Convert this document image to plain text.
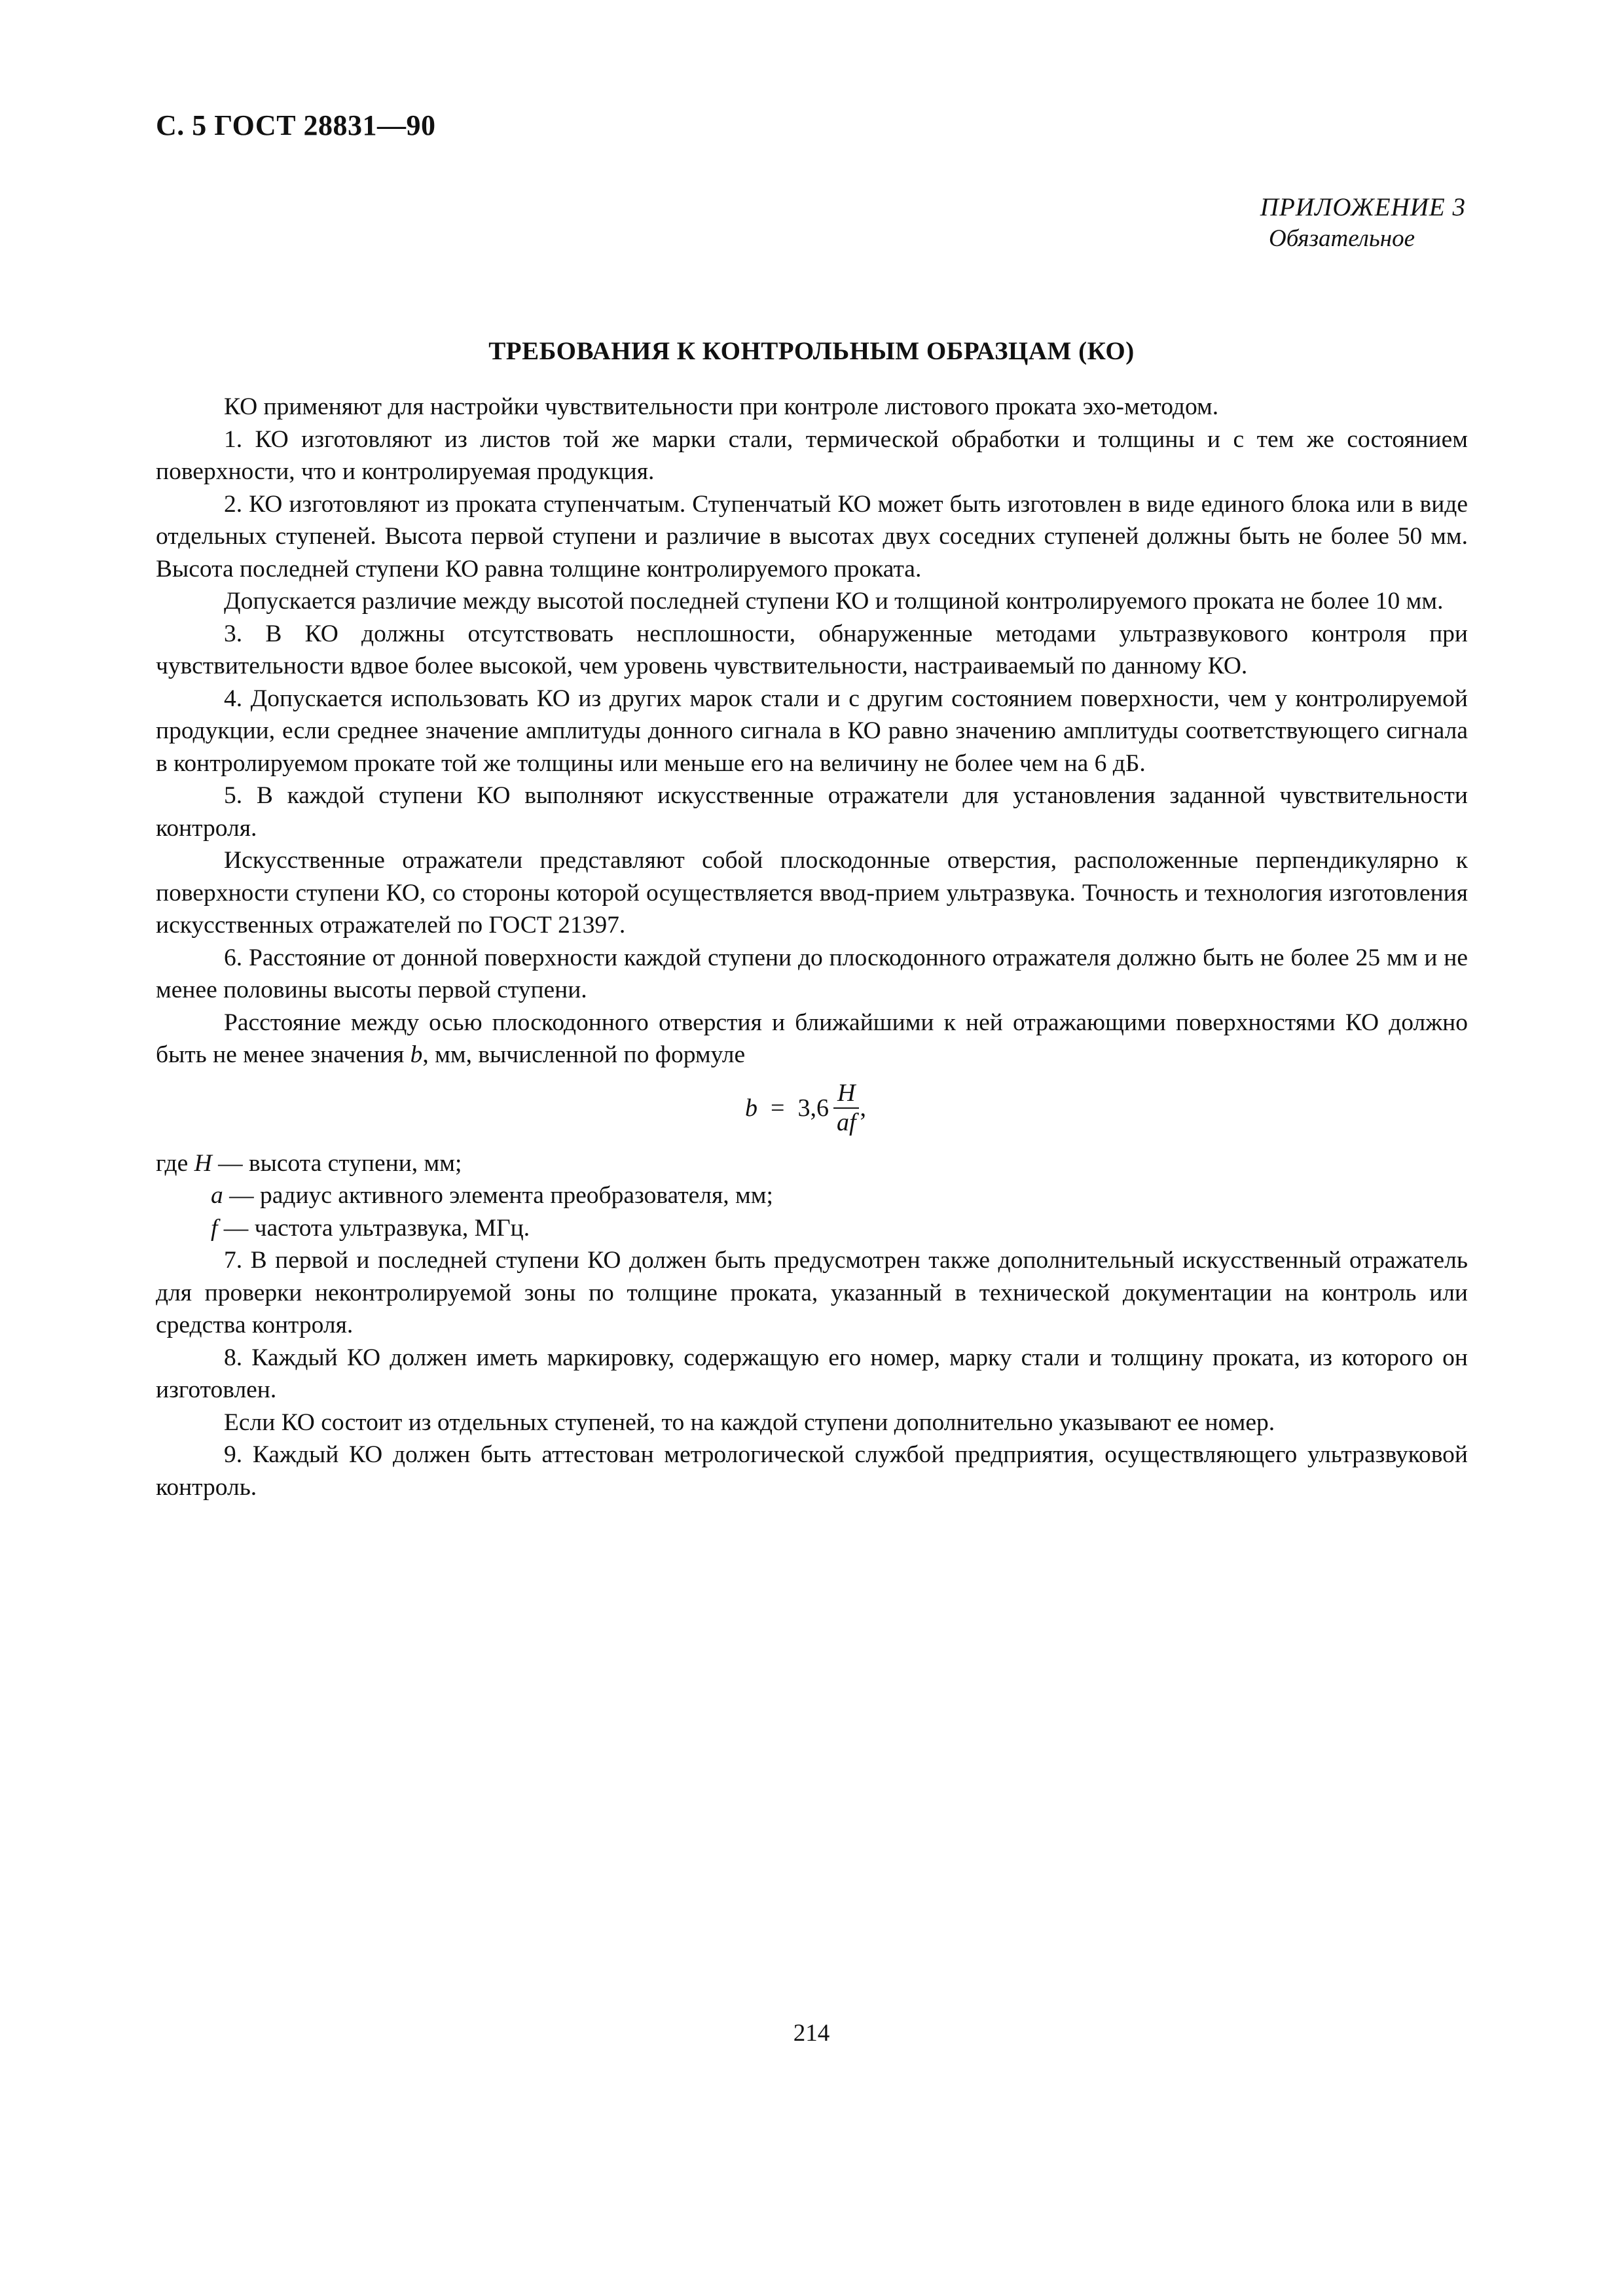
С. 5 ГОСТ 28831—90
ПРИЛОЖЕНИЕ 3
Обязательное
ТРЕБОВАНИЯ К КОНТРОЛЬНЫМ ОБРАЗЦАМ (КО)

КО применяют для настройки чувствительности при контроле листового проката эхо-методом.

1. КО изготовляют из листов той же марки стали, термической обработки и толщины и с тем же состоянием поверхности, что и контролируемая продукция.

2. КО изготовляют из проката ступенчатым. Ступенчатый КО может быть изготовлен в виде единого блока или в виде отдельных ступеней. Высота первой ступени и различие в высотах двух соседних ступеней должны быть не более 50 мм. Высота последней ступени КО равна толщине контролируемого проката.

Допускается различие между высотой последней ступени КО и толщиной контролируемого проката не более 10 мм.

3. В КО должны отсутствовать несплошности, обнаруженные методами ультразвукового контроля при чувствительности вдвое более высокой, чем уровень чувствительности, настраиваемый по данному КО.

4. Допускается использовать КО из других марок стали и с другим состоянием поверхности, чем у контролируемой продукции, если среднее значение амплитуды донного сигнала в КО равно значению амплитуды соответствующего сигнала в контролируемом прокате той же толщины или меньше его на величину не более чем на 6 дБ.

5. В каждой ступени КО выполняют искусственные отражатели для установления заданной чувствительности контроля.

Искусственные отражатели представляют собой плоскодонные отверстия, расположенные перпендикулярно к поверхности ступени КО, со стороны которой осуществляется ввод-прием ультразвука. Точность и технология изготовления искусственных отражателей по ГОСТ 21397.

6. Расстояние от донной поверхности каждой ступени до плоскодонного отражателя должно быть не более 25 мм и не менее половины высоты первой ступени.

Расстояние между осью плоскодонного отверстия и ближайшими к ней отражающими поверхностями КО должно быть не менее значения b, мм, вычисленной по формуле

$b = 3,6 \frac{H}{af}$ ,
где H — высота ступени, мм;
a — радиус активного элемента преобразователя, мм;
f — частота ультразвука, МГц.

7. В первой и последней ступени КО должен быть предусмотрен также дополнительный искусственный отражатель для проверки неконтролируемой зоны по толщине проката, указанный в технической документации на контроль или средства контроля.

8. Каждый КО должен иметь маркировку, содержащую его номер, марку стали и толщину проката, из которого он изготовлен.

Если КО состоит из отдельных ступеней, то на каждой ступени дополнительно указывают ее номер.

9. Каждый КО должен быть аттестован метрологической службой предприятия, осуществляющего ультразвуковой контроль.

214
